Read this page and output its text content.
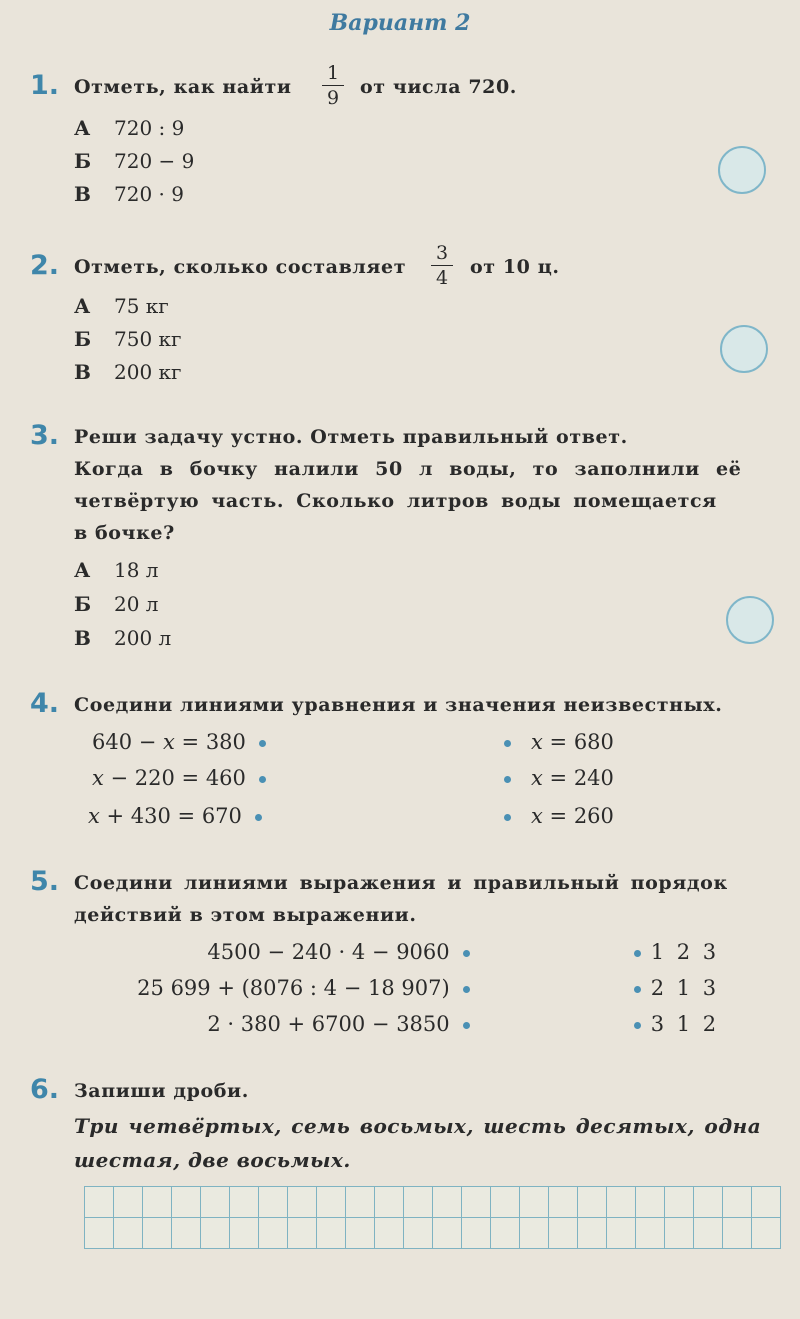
Вариант 2
1. Отметь, как найти
1
9	от числа 720.
А 720 : 9
Б 720 − 9
В 720 · 9
2. Отметь, сколько составляет
3
4	от 10 ц.
А 75 кг
Б 750 кг
В 200 кг
3. Реши задачу устно. Отметь правильный ответ.
Когда в бочку налили 50 л воды, то заполнили её
четвёртую часть. Сколько литров воды помещается
в бочке?
А 18 л
Б 20 л
В 200 л
4. Соедини линиями уравнения и значения неизвестных.
640 − x = 380
x − 220 = 460
x + 430 = 670
x = 680
x = 240
x = 260
5. Соедини линиями выражения и правильный порядок
действий в этом выражении.
4500 − 240 · 4 − 9060
25 699 + (8076 : 4 − 18 907)
2 · 380 + 6700 − 3850
1 2 3
2 1 3
3 1 2
6. Запиши дроби.
Три четвёртых, семь восьмых, шесть десятых, одна
шестая, две восьмых.
